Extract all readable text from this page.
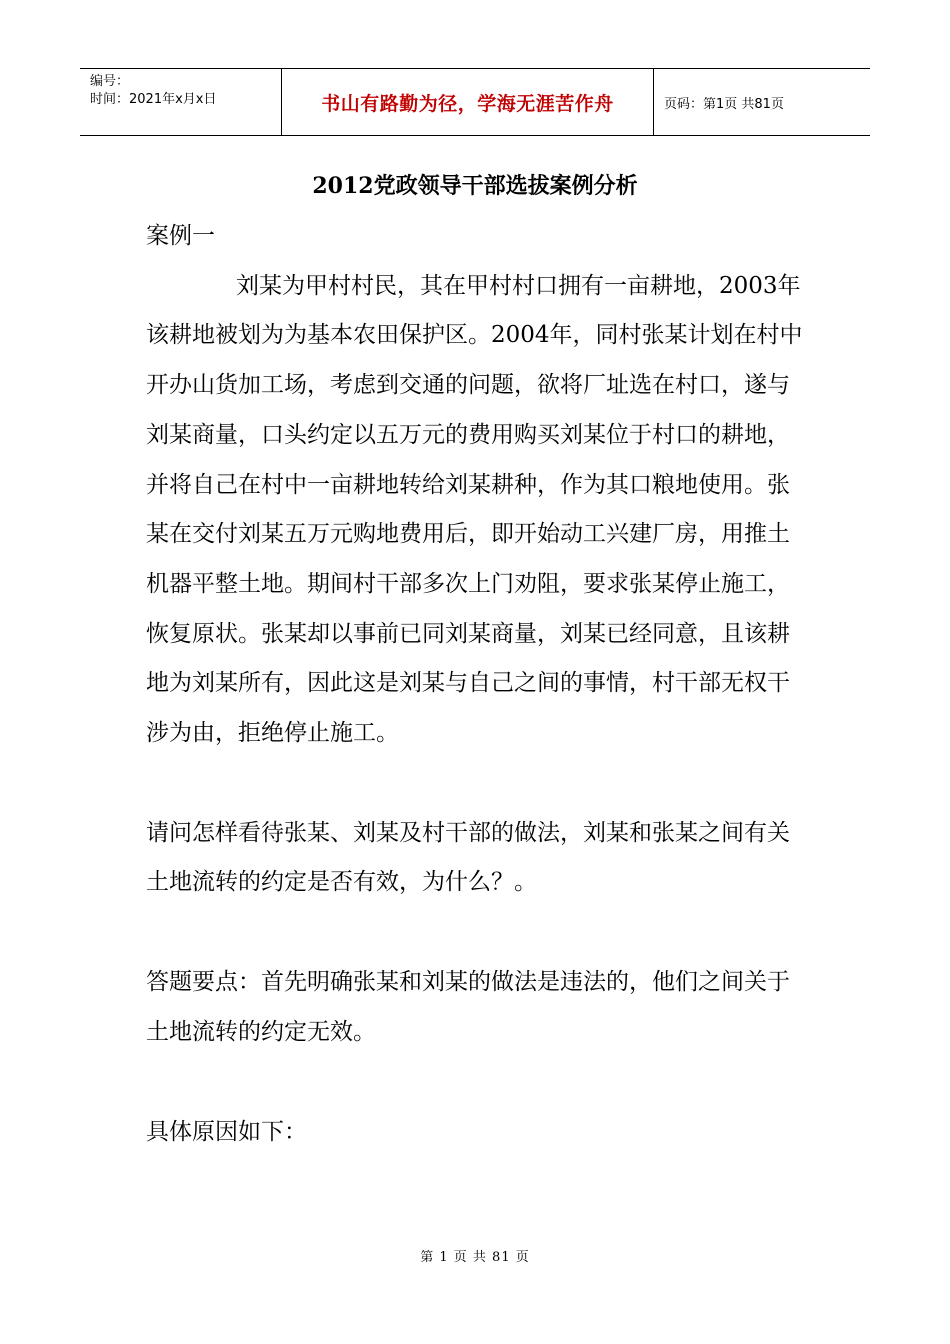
编号：
时间：2021年x月x日	书山有路勤为径，学海无涯苦作舟	页码：第1页 共81页
2012党政领导干部选拔案例分析

案例一

刘某为甲村村民，其在甲村村口拥有一亩耕地，2003年该耕地被划为为基本农田保护区。2004年，同村张某计划在村中开办山货加工场，考虑到交通的问题，欲将厂址选在村口，遂与刘某商量，口头约定以五万元的费用购买刘某位于村口的耕地，并将自己在村中一亩耕地转给刘某耕种，作为其口粮地使用。张某在交付刘某五万元购地费用后，即开始动工兴建厂房，用推土机器平整土地。期间村干部多次上门劝阻，要求张某停止施工，恢复原状。张某却以事前已同刘某商量，刘某已经同意，且该耕地为刘某所有，因此这是刘某与自己之间的事情，村干部无权干涉为由，拒绝停止施工。

请问怎样看待张某、刘某及村干部的做法，刘某和张某之间有关土地流转的约定是否有效，为什么？。

答题要点：首先明确张某和刘某的做法是违法的，他们之间关于土地流转的约定无效。

具体原因如下：

第 1 页 共 81 页
